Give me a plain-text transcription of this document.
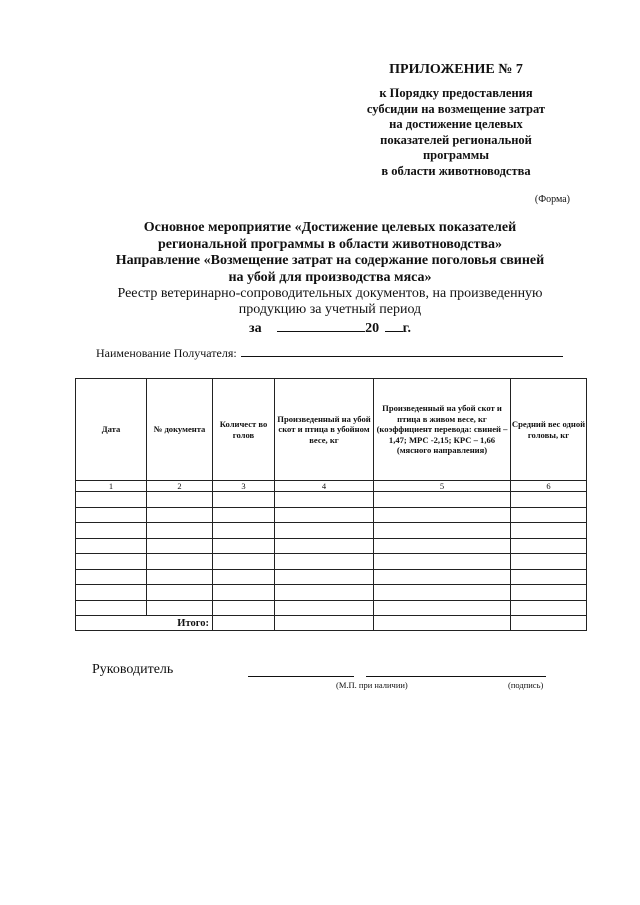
ПРИЛОЖЕНИЕ № 7
к Порядку предоставления
субсидии на возмещение затрат
на достижение целевых
показателей региональной
программы
в области животноводства
(Форма)
Основное мероприятие «Достижение целевых показателей
региональной программы в области животноводства»
Направление «Возмещение затрат на содержание поголовья свиней
на убой для производства мяса»
Реестр ветеринарно-сопроводительных документов, на произведенную
продукцию за учетный период
за	20 г.
Наименование Получателя:
Дата	№ документа	Количест во голов	Произведенный на убой скот и птица в убойном весе, кг	Произведенный на убой скот и птица в живом весе, кг (коэффициент перевода: свиней – 1,47; МРС -2,15; КРС – 1,66 (мясного направления)	Средний вес одной головы, кг
1	2	3	4	5	6

Итого:					
Руководитель
(М.П. при наличии)	(подпись)
